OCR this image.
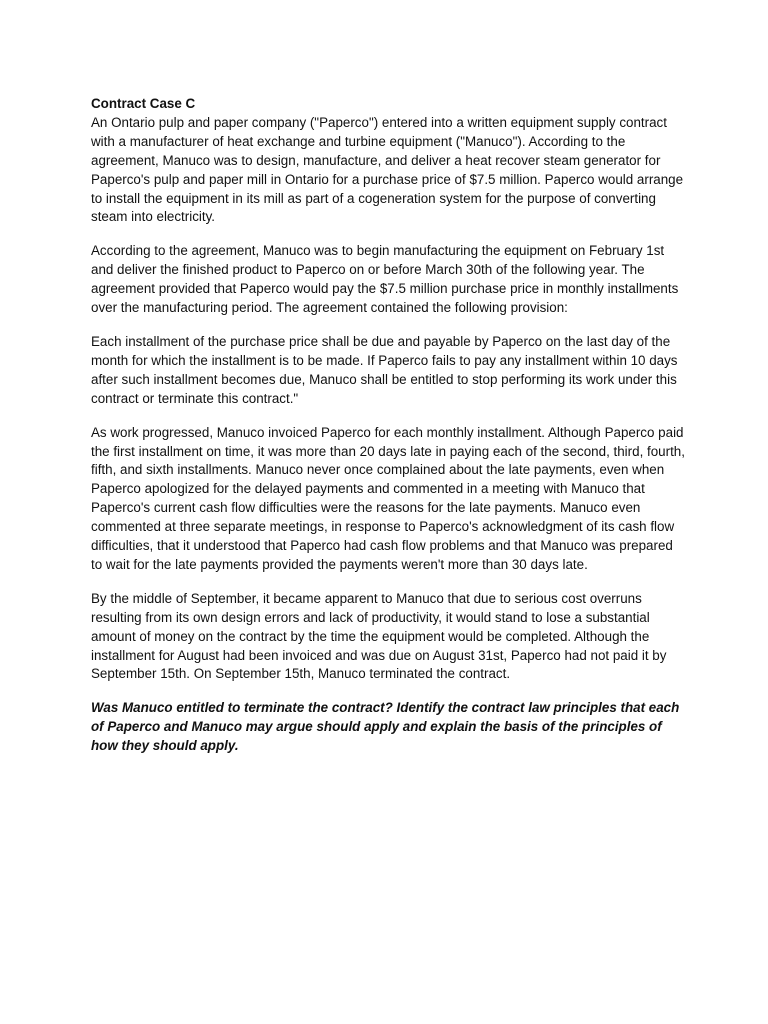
Contract Case C

An Ontario pulp and paper company ("Paperco") entered into a written equipment supply contract with a manufacturer of heat exchange and turbine equipment ("Manuco"). According to the agreement, Manuco was to design, manufacture, and deliver a heat recover steam generator for Paperco's pulp and paper mill in Ontario for a purchase price of $7.5 million. Paperco would arrange to install the equipment in its mill as part of a cogeneration system for the purpose of converting steam into electricity.

According to the agreement, Manuco was to begin manufacturing the equipment on February 1st and deliver the finished product to Paperco on or before March 30th of the following year. The agreement provided that Paperco would pay the $7.5 million purchase price in monthly installments over the manufacturing period. The agreement contained the following provision:

Each installment of the purchase price shall be due and payable by Paperco on the last day of the month for which the installment is to be made. If Paperco fails to pay any installment within 10 days after such installment becomes due, Manuco shall be entitled to stop performing its work under this contract or terminate this contract."

As work progressed, Manuco invoiced Paperco for each monthly installment. Although Paperco paid the first installment on time, it was more than 20 days late in paying each of the second, third, fourth, fifth, and sixth installments. Manuco never once complained about the late payments, even when Paperco apologized for the delayed payments and commented in a meeting with Manuco that Paperco's current cash flow difficulties were the reasons for the late payments. Manuco even commented at three separate meetings, in response to Paperco's acknowledgment of its cash flow difficulties, that it understood that Paperco had cash flow problems and that Manuco was prepared to wait for the late payments provided the payments weren't more than 30 days late.

By the middle of September, it became apparent to Manuco that due to serious cost overruns resulting from its own design errors and lack of productivity, it would stand to lose a substantial amount of money on the contract by the time the equipment would be completed. Although the installment for August had been invoiced and was due on August 31st, Paperco had not paid it by September 15th. On September 15th, Manuco terminated the contract.

Was Manuco entitled to terminate the contract? Identify the contract law principles that each of Paperco and Manuco may argue should apply and explain the basis of the principles of how they should apply.
